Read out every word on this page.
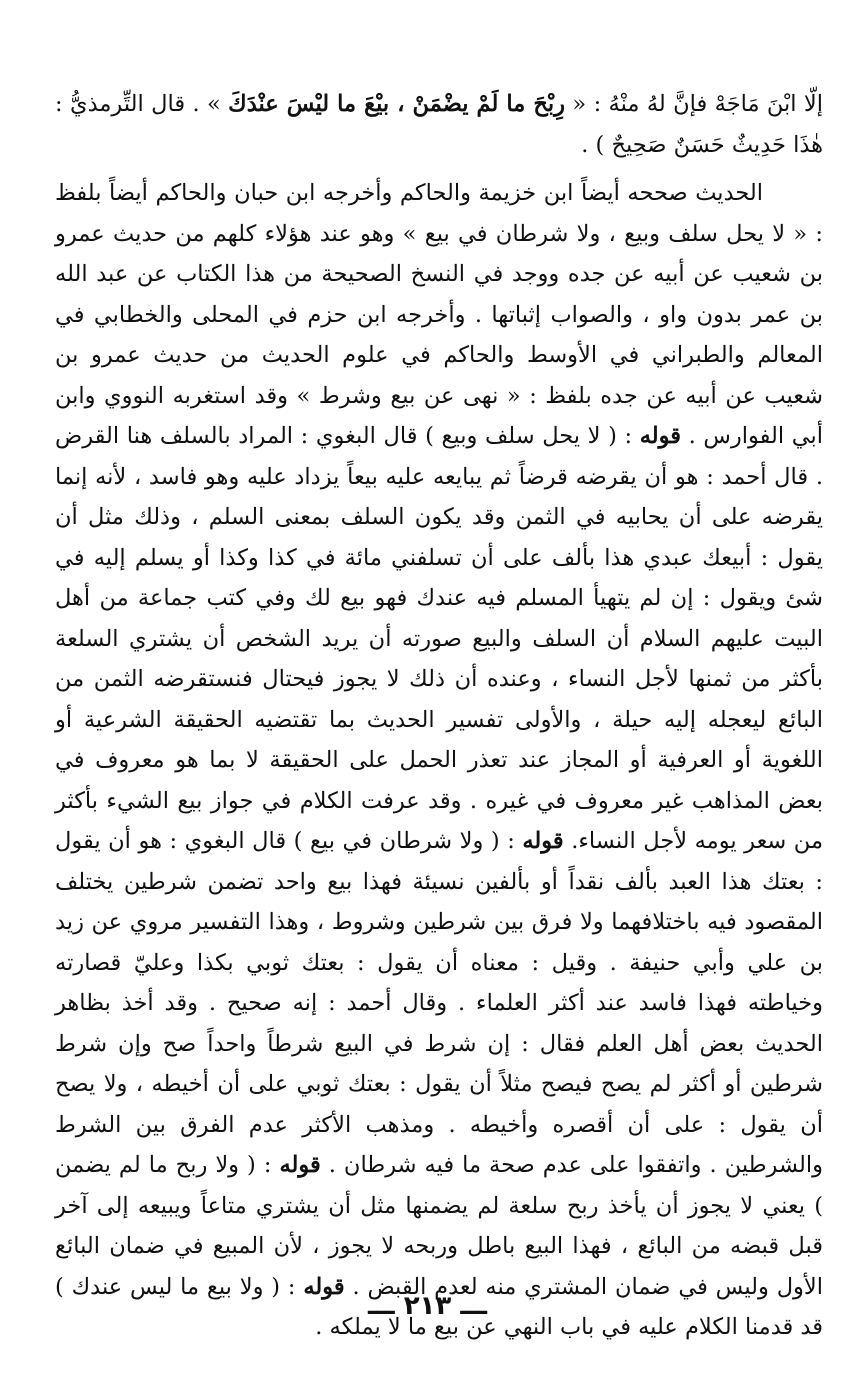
إلّا ابْنَ مَاجَهْ فإنَّ لهُ منْهُ : « رِبْحَ ما لَمْ يضْمَنْ ، بيْعَ ما ليْسَ عنْدَكَ » . قال التِّرمذيُّ : هٰذَا حَدِيثٌ حَسَنٌ صَحِيحٌ ) .

الحديث صححه أيضاً ابن خزيمة والحاكم وأخرجه ابن حبان والحاكم أيضاً بلفظ : « لا يحل سلف وبيع ، ولا شرطان في بيع » وهو عند هؤلاء كلهم من حديث عمرو بن شعيب عن أبيه عن جده ووجد في النسخ الصحيحة من هذا الكتاب عن عبد الله بن عمر بدون واو ، والصواب إثباتها . وأخرجه ابن حزم في المحلى والخطابي في المعالم والطبراني في الأوسط والحاكم في علوم الحديث من حديث عمرو بن شعيب عن أبيه عن جده بلفظ : « نهى عن بيع وشرط » وقد استغربه النووي وابن أبي الفوارس . قوله : ( لا يحل سلف وبيع ) قال البغوي : المراد بالسلف هنا القرض . قال أحمد : هو أن يقرضه قرضاً ثم يبايعه عليه بيعاً يزداد عليه وهو فاسد ، لأنه إنما يقرضه على أن يحابيه في الثمن وقد يكون السلف بمعنى السلم ، وذلك مثل أن يقول : أبيعك عبدي هذا بألف على أن تسلفني مائة في كذا وكذا أو يسلم إليه في شئ ويقول : إن لم يتهيأ المسلم فيه عندك فهو بيع لك وفي كتب جماعة من أهل البيت عليهم السلام أن السلف والبيع صورته أن يريد الشخص أن يشتري السلعة بأكثر من ثمنها لأجل النساء ، وعنده أن ذلك لا يجوز فيحتال فنستقرضه الثمن من البائع ليعجله إليه حيلة ، والأولى تفسير الحديث بما تقتضيه الحقيقة الشرعية أو اللغوية أو العرفية أو المجاز عند تعذر الحمل على الحقيقة لا بما هو معروف في بعض المذاهب غير معروف في غيره . وقد عرفت الكلام في جواز بيع الشيء بأكثر من سعر يومه لأجل النساء. قوله : ( ولا شرطان في بيع ) قال البغوي : هو أن يقول : بعتك هذا العبد بألف نقداً أو بألفين نسيئة فهذا بيع واحد تضمن شرطين يختلف المقصود فيه باختلافهما ولا فرق بين شرطين وشروط ، وهذا التفسير مروي عن زيد بن علي وأبي حنيفة . وقيل : معناه أن يقول : بعتك ثوبي بكذا وعليّ قصارته وخياطته فهذا فاسد عند أكثر العلماء . وقال أحمد : إنه صحيح . وقد أخذ بظاهر الحديث بعض أهل العلم فقال : إن شرط في البيع شرطاً واحداً صح وإن شرط شرطين أو أكثر لم يصح فيصح مثلاً أن يقول : بعتك ثوبي على أن أخيطه ، ولا يصح أن يقول : على أن أقصره وأخيطه . ومذهب الأكثر عدم الفرق بين الشرط والشرطين . واتفقوا على عدم صحة ما فيه شرطان . قوله : ( ولا ربح ما لم يضمن ) يعني لا يجوز أن يأخذ ربح سلعة لم يضمنها مثل أن يشتري متاعاً ويبيعه إلى آخر قبل قبضه من البائع ، فهذا البيع باطل وربحه لا يجوز ، لأن المبيع في ضمان البائع الأول وليس في ضمان المشتري منه لعدم القبض . قوله : ( ولا بيع ما ليس عندك ) قد قدمنا الكلام عليه في باب النهي عن بيع ما لا يملكه .

ـــ ٢١٣ ـــ
